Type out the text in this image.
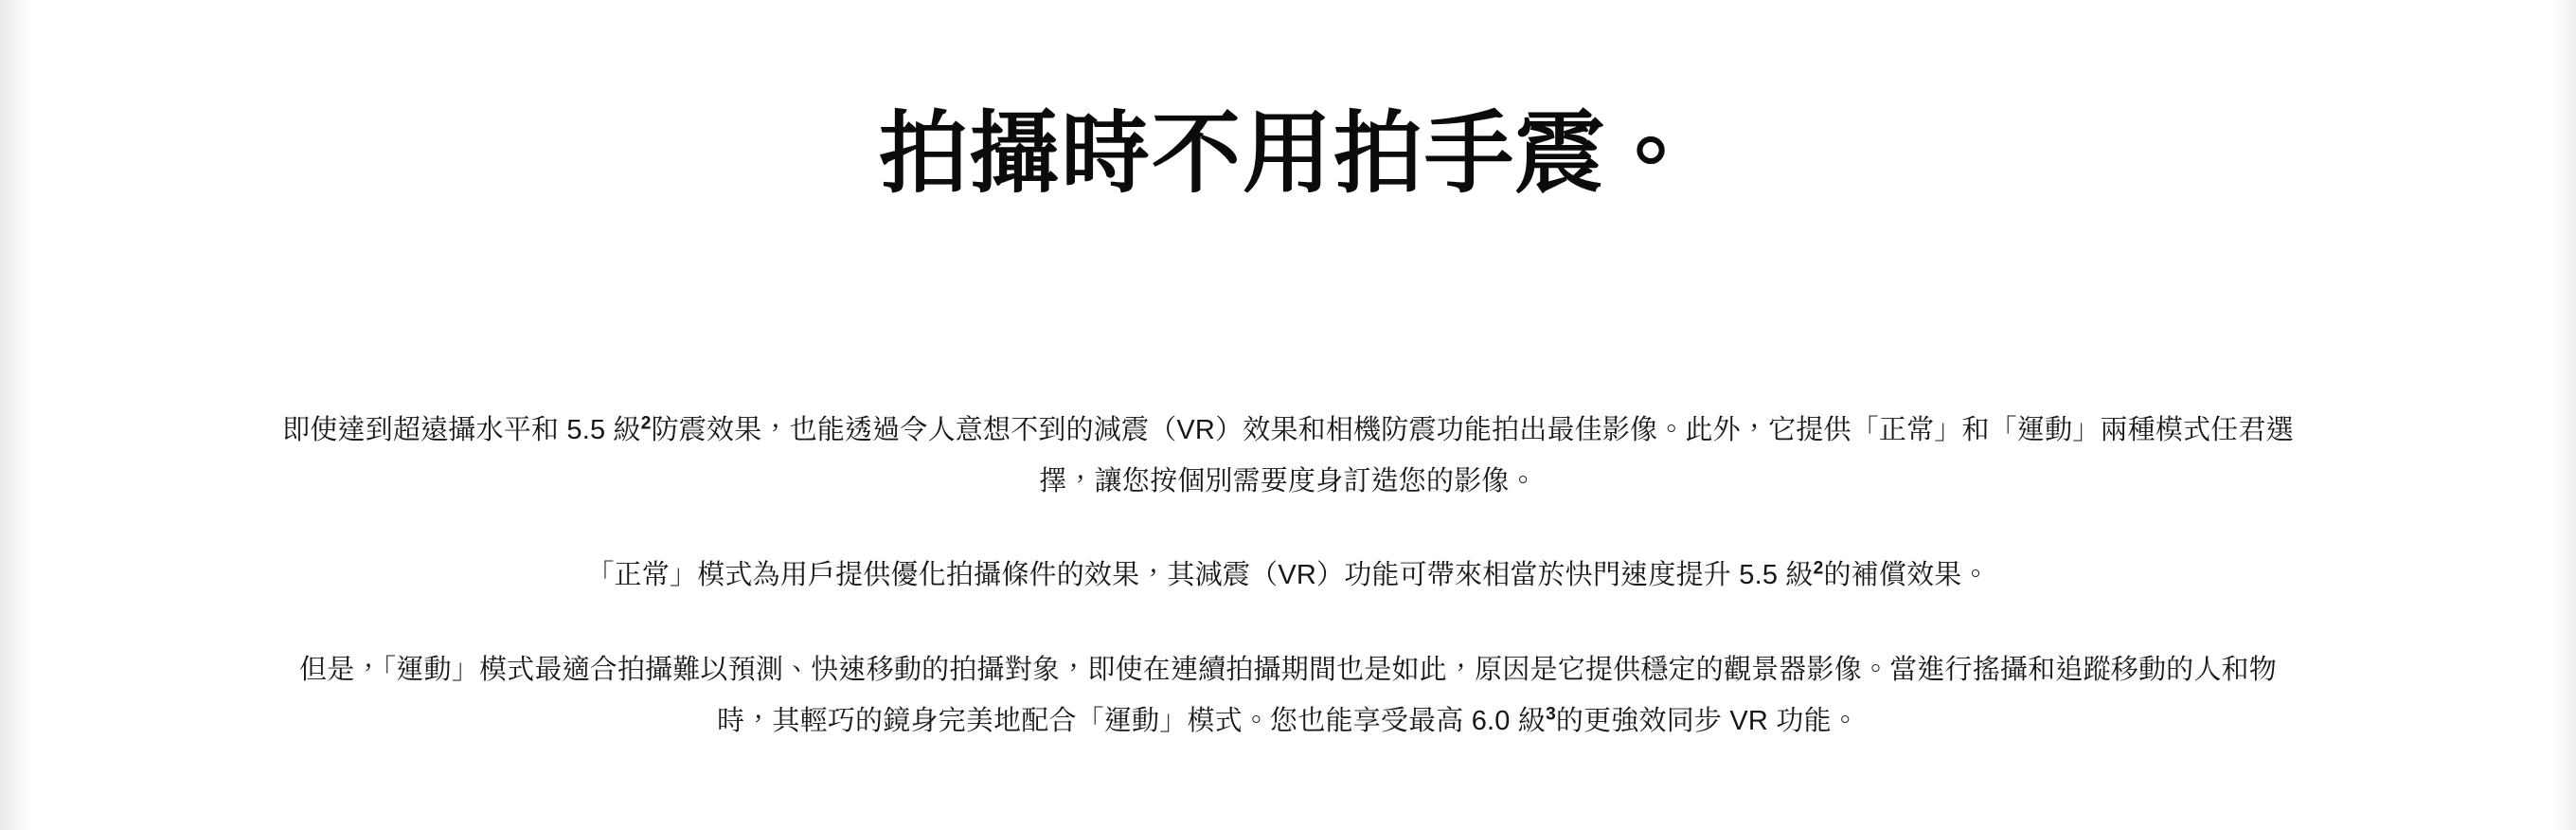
拍攝時不用拍手震。

即使達到超遠攝水平和 5.5 級$^2$防震效果，也能透過令人意想不到的減震（VR）效果和相機防震功能拍出最佳影像。此外，它提供「正常」和「運動」兩種模式任君選擇，讓您按個別需要度身訂造您的影像。

「正常」模式為用戶提供優化拍攝條件的效果，其減震（VR）功能可帶來相當於快門速度提升 5.5 級$^2$的補償效果。

但是，「運動」模式最適合拍攝難以預測、快速移動的拍攝對象，即使在連續拍攝期間也是如此，原因是它提供穩定的觀景器影像。當進行搖攝和追蹤移動的人和物時，其輕巧的鏡身完美地配合「運動」模式。您也能享受最高 6.0 級$^3$的更強效同步 VR 功能。
